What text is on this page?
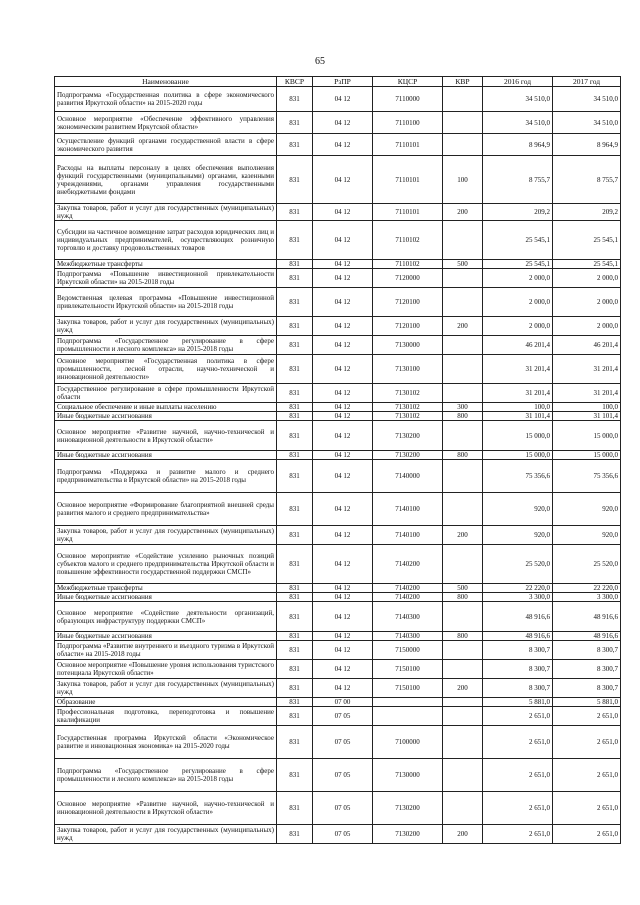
65
Наименование	КВСР	РзПР	КЦСР	КВР	2016 год	2017 год
Подпрограмма «Государственная политика в сфере экономического развития Иркутской области» на 2015-2020 годы	831	04 12	7110000		34 510,0	34 510,0
Основное мероприятие «Обеспечение эффективного управления экономическим развитием Иркутской области»	831	04 12	7110100		34 510,0	34 510,0
Осуществление функций органами государственной власти в сфере экономического развития	831	04 12	7110101		8 964,9	8 964,9
Расходы на выплаты персоналу в целях обеспечения выполнения функций государственными (муниципальными) органами, казенными учреждениями, органами управления государственными внебюджетными фондами	831	04 12	7110101	100	8 755,7	8 755,7
Закупка товаров, работ и услуг для государственных (муниципальных) нужд	831	04 12	7110101	200	209,2	209,2
Субсидии на частичное возмещение затрат расходов юридических лиц и индивидуальных предпринимателей, осуществляющих розничную торговлю и доставку продовольственных товаров	831	04 12	7110102		25 545,1	25 545,1
Межбюджетные трансферты	831	04 12	7110102	500	25 545,1	25 545,1
Подпрограмма «Повышение инвестиционной привлекательности Иркутской области» на 2015-2018 годы	831	04 12	7120000		2 000,0	2 000,0
Ведомственная целевая программа «Повышение инвестиционной привлекательности Иркутской области» на 2015-2018 годы	831	04 12	7120100		2 000,0	2 000,0
Закупка товаров, работ и услуг для государственных (муниципальных) нужд	831	04 12	7120100	200	2 000,0	2 000,0
Подпрограмма «Государственное регулирование в сфере промышленности и лесного комплекса» на 2015-2018 годы	831	04 12	7130000		46 201,4	46 201,4
Основное мероприятие «Государственная политика в сфере промышленности, лесной отрасли, научно-технической и инновационной деятельности»	831	04 12	7130100		31 201,4	31 201,4
Государственное регулирование в сфере промышленности Иркутской области	831	04 12	7130102		31 201,4	31 201,4
Социальное обеспечение и иные выплаты населению	831	04 12	7130102	300	100,0	100,0
Иные бюджетные ассигнования	831	04 12	7130102	800	31 101,4	31 101,4
Основное мероприятие «Развитие научной, научно-технической и инновационной деятельности в Иркутской области»	831	04 12	7130200		15 000,0	15 000,0
Иные бюджетные ассигнования	831	04 12	7130200	800	15 000,0	15 000,0
Подпрограмма «Поддержка и развитие малого и среднего предпринимательства в Иркутской области» на 2015-2018 годы	831	04 12	7140000		75 356,6	75 356,6
Основное мероприятие «Формирование благоприятной внешней среды развития малого и среднего предпринимательства»	831	04 12	7140100		920,0	920,0
Закупка товаров, работ и услуг для государственных (муниципальных) нужд	831	04 12	7140100	200	920,0	920,0
Основное мероприятие «Содействие усилению рыночных позиций субъектов малого и среднего предпринимательства Иркутской области и повышение эффективности государственной поддержки СМСП»	831	04 12	7140200		25 520,0	25 520,0
Межбюджетные трансферты	831	04 12	7140200	500	22 220,0	22 220,0
Иные бюджетные ассигнования	831	04 12	7140200	800	3 300,0	3 300,0
Основное мероприятие «Содействие деятельности организаций, образующих инфраструктуру поддержки СМСП»	831	04 12	7140300		48 916,6	48 916,6
Иные бюджетные ассигнования	831	04 12	7140300	800	48 916,6	48 916,6
Подпрограмма «Развитие внутреннего и въездного туризма в Иркутской области» на 2015-2018 годы	831	04 12	7150000		8 300,7	8 300,7
Основное мероприятие «Повышение уровня использования туристского потенциала Иркутской области»	831	04 12	7150100		8 300,7	8 300,7
Закупка товаров, работ и услуг для государственных (муниципальных) нужд	831	04 12	7150100	200	8 300,7	8 300,7
Образование	831	07 00			5 881,0	5 881,0
Профессиональная подготовка, переподготовка и повышение квалификации	831	07 05			2 651,0	2 651,0
Государственная программа Иркутской области «Экономическое развитие и инновационная экономика» на 2015-2020 годы	831	07 05	7100000		2 651,0	2 651,0
Подпрограмма «Государственное регулирование в сфере промышленности и лесного комплекса» на 2015-2018 годы	831	07 05	7130000		2 651,0	2 651,0
Основное мероприятие «Развитие научной, научно-технической и инновационной деятельности в Иркутской области»	831	07 05	7130200		2 651,0	2 651,0
Закупка товаров, работ и услуг для государственных (муниципальных) нужд	831	07 05	7130200	200	2 651,0	2 651,0
